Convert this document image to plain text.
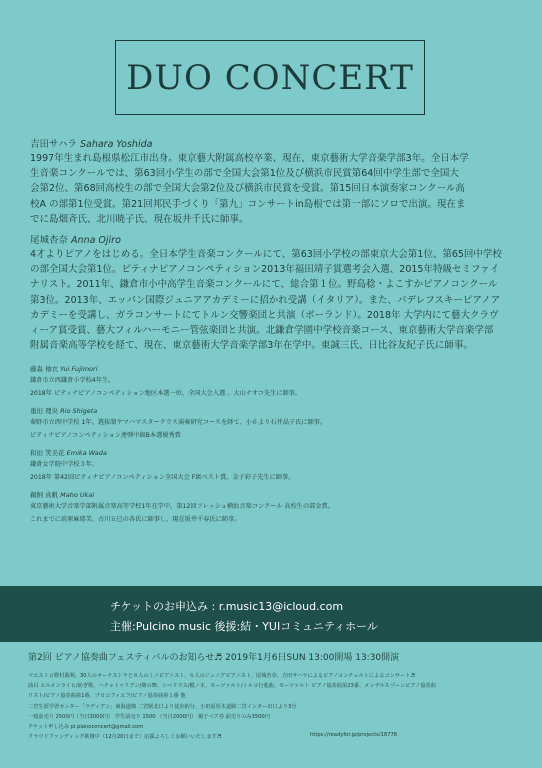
DUO CONCERT

吉田サハラ Sahara Yoshida

1997年生まれ島根県松江市出身。東京藝大附属高校卒業、現在、東京藝術大学音楽学部3年。全日本学
生音楽コンクールでは、第63回小学生の部で全国大会第1位及び横浜市民賞第64回中学生部で全国大
会第2位、第68回高校生の部で全国大会第2位及び横浜市民賞を受賞。第15回日本演奏家コンクール高
校A の部第1位受賞。第21回邦民手づくり「第九」コンサートin島根では第一部にソロで出演。現在ま
でに島畑斉氏、北川暁子氏、現在坂井千氏に師事。

尾城杏奈 Anna Ojiro

4才よりピアノをはじめる。全日本学生音楽コンクールにて、第63回小学校の部東京大会第1位、第65回中学校
の部全国大会第1位。ピティナピアノコンペティション2013年福田靖子賞選考会入選、2015年特級セミファイ
ナリスト。2011年、鎌倉市小中高学生音楽コンクールにて、総合第１位。野島稔・よこすかピアノコンクール
第3位。2013年、エッパン国際ジュニアアカデミーに招かれ受講（イタリア）。また、パデレフスキーピアノア
カデミーを受講し、ガラコンサートにてトルン交響楽団と共演（ポーランド）。2018年 大学内にて藝大クラヴ
ィーア賞受賞、藝大フィルハーモニー管弦楽団と共演。北鎌倉学園中学校音楽コース、東京藝術大学音楽学部
附属音楽高等学校を経て、現在、東京藝術大学音楽学部3年在学中。東誠三氏、日比谷友紀子氏に師事。

藤森 柚衣 Yui Fujimori

鎌倉市立西鎌倉小学校4年生。
2018年 ピティナピアノコンペティション地区本選一位、全国大会入選 。大山ナオコ先生に師事。

重田 理央 Rio Shigeta

秦野市立西中学校 1年。選抜制ヤマハマスタークラス演奏研究コースを経て、小６より石井晶子氏に師事。
ピティナピアノコンペティション連弾中級B本選優秀賞

和田 笑美花 Emika Wada

鎌倉女学院中学校３年。
2018年 第42回ピティナピアノコンペティション全国大会 F級ベスト賞。金子彩子先生に師事。

鵜飼 真帆 Maho Ukai

東京藝術大学音楽学部附属音楽高等学校1年在学中。第12回フレッシュ横浜音楽コンクール 高校生の部金賞。
これまでに前原麻耶美、古川五巳の各氏に師事し、現在坂井千春氏に師事。

チケットのお申込み : r.music13@icloud.com
主催:Pulcino music 後援:結・YUIコミュニティホール

第2回 ピアノ協奏曲フェスティバルのお知らせ♬ 2019年1月6日SUN 13:00開場 13:30開演

マエストロ野村眞利、30人のオーケストラと８人のミニピアニスト、６人のジュニアピアニスト、尾城杏奈、吉田サハラによるピアノコンチェルトによるコンサート♬

曲目 エルメンライヒ/紡ぎ歌、ハチャトゥリアン/剣の舞、シベリウス/樅ノ木、モーツァルト/トルコ行進曲、モーツァルト ピアノ協奏曲第23番、メンデルスゾーンピアノ協奏曲

リスト/ピアノ協奏曲第1番、プロコフィエフ/ピアノ協奏曲第１番 他

二宮生涯学習センター「ラディアン」東海道線 二宮駅北口より徒歩約分、小田原厚木道路二宮インター出口より3分

一般前売り 2500円（当日3000円） 学生前売り 1500 （当日2000円） 親子ペア券 前売りのみ3500円

チケット申し込み pl.pianoconcert@gmail.com

クラウドファンディング挑戦中（12月20日まで）応援よろしくお願いいたします♬	https://readyfor.jp/projects/18778
